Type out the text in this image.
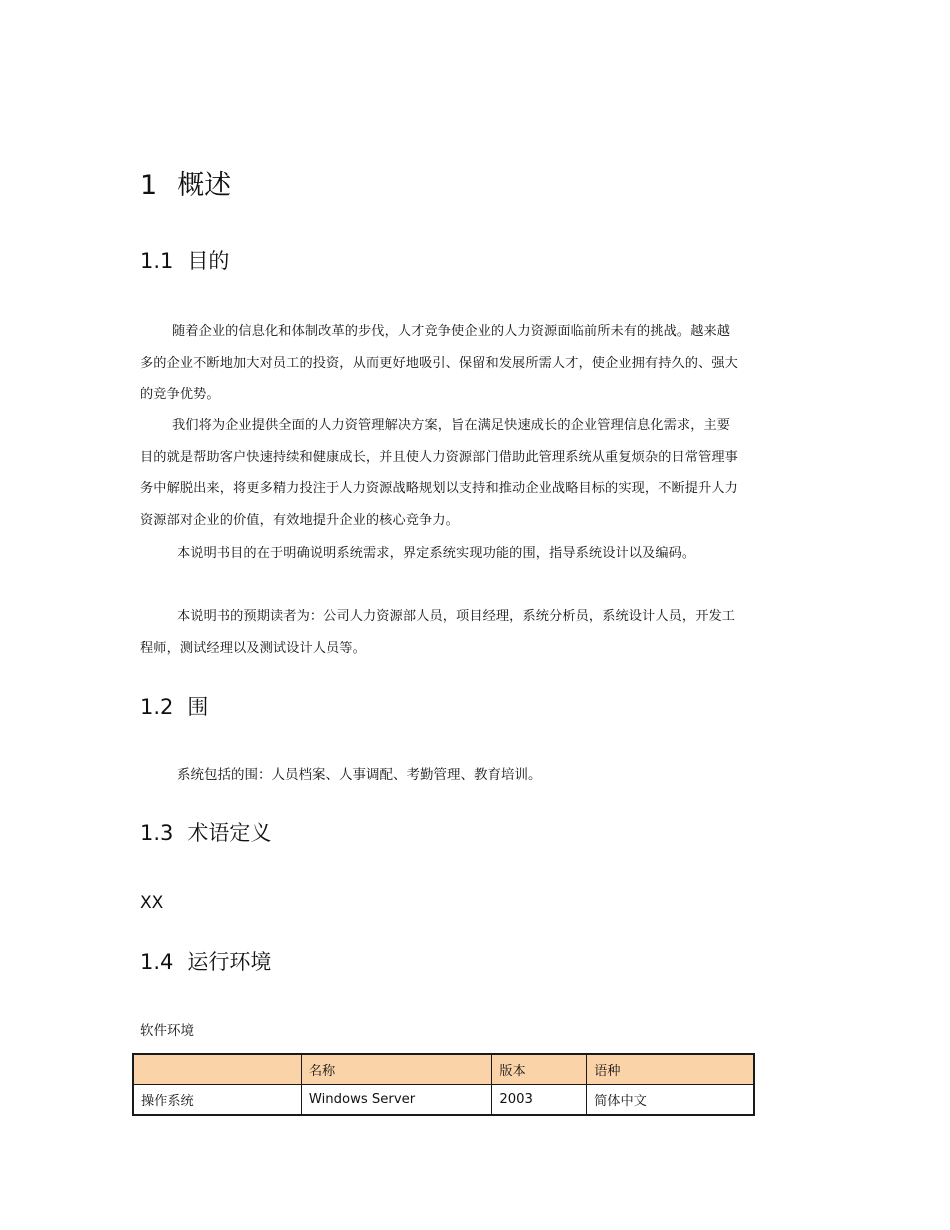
1 概述
1.1 目的
随着企业的信息化和体制改革的步伐，人才竞争使企业的人力资源面临前所未有的挑战。越来越多的企业不断地加大对员工的投资，从而更好地吸引、保留和发展所需人才，使企业拥有持久的、强大的竞争优势。
我们将为企业提供全面的人力资管理解决方案，旨在满足快速成长的企业管理信息化需求，主要目的就是帮助客户快速持续和健康成长，并且使人力资源部门借助此管理系统从重复烦杂的日常管理事务中解脱出来，将更多精力投注于人力资源战略规划以支持和推动企业战略目标的实现，不断提升人力资源部对企业的价值，有效地提升企业的核心竞争力。
本说明书目的在于明确说明系统需求，界定系统实现功能的围，指导系统设计以及编码。
本说明书的预期读者为：公司人力资源部人员，项目经理，系统分析员，系统设计人员，开发工程师，测试经理以及测试设计人员等。
1.2 围
系统包括的围：人员档案、人事调配、考勤管理、教育培训。
1.3 术语定义
XX
1.4 运行环境
软件环境
	名称	版本	语种
操作系统	Windows Server	2003	简体中文
